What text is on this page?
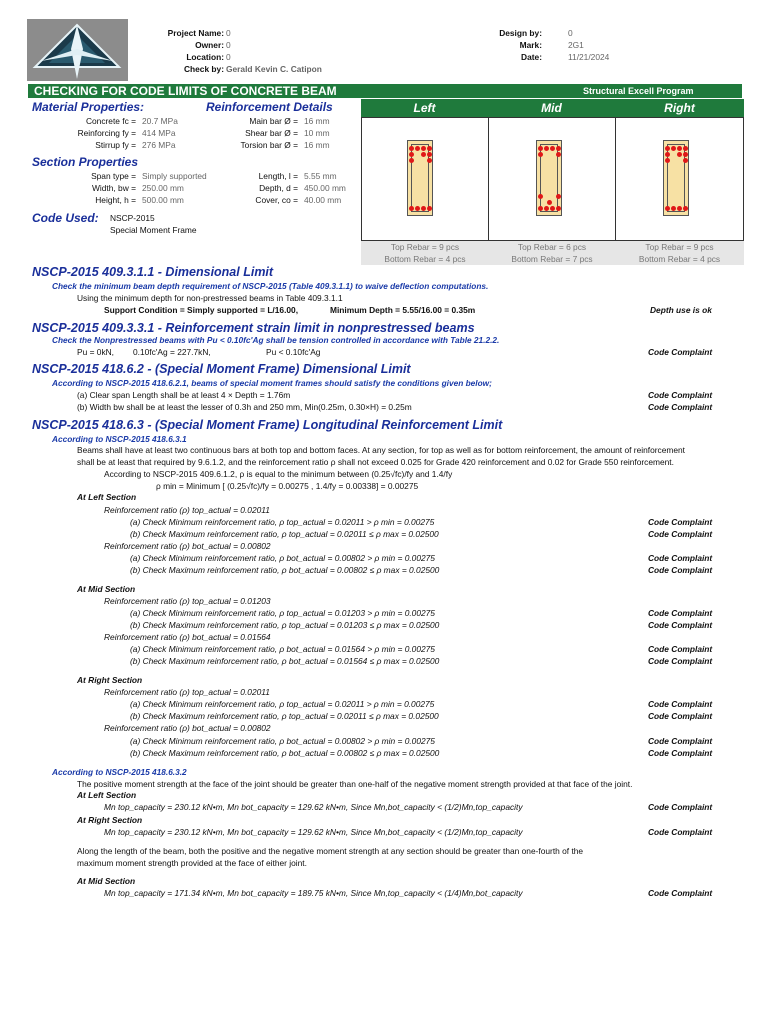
Project Name: 0
Owner: 0
Location: 0
Check by: Gerald Kevin C. Catipon
Design by:	0
Mark:	2G1
Date:	11/21/2024
CHECKING FOR CODE LIMITS OF CONCRETE BEAM	Structural Excell Program
Material Properties:	Reinforcement Details
Concrete fc = 20.7 MPa
Reinforcing fy = 414 MPa
Stirrup fy = 276 MPa
Main bar Ø = 16 mm
Shear bar Ø = 10 mm
Torsion bar Ø = 16 mm
Section Properties
Span type = Simply supported
Width, bw = 250.00 mm
Height, h = 500.00 mm
Length, l = 5.55 mm
Depth, d = 450.00 mm
Cover, co = 40.00 mm
Code Used: NSCP-2015
Special Moment Frame
Left	Mid	Right
Top Rebar = 9 pcs	Top Rebar = 6 pcs	Top Rebar = 9 pcs
Bottom Rebar = 4 pcs	Bottom Rebar = 7 pcs	Bottom Rebar = 4 pcs
NSCP-2015 409.3.1.1 - Dimensional Limit
Check the minimum beam depth requirement of NSCP-2015 (Table 409.3.1.1) to waive deflection computations.
Using the minimum depth for non-prestressed beams in Table 409.3.1.1
Support Condition = Simply supported = L/16.00,	Minimum Depth = 5.55/16.00 = 0.35m	Depth use is ok
NSCP-2015 409.3.3.1 - Reinforcement strain limit in nonprestressed beams
Check the Nonprestressed beams with Pu < 0.10fc'Ag shall be tension controlled in accordance with Table 21.2.2.
Pu = 0kN, 0.10fc'Ag = 227.7kN,	Pu < 0.10fc'Ag	Code Complaint
NSCP-2015 418.6.2 - (Special Moment Frame) Dimensional Limit
According to NSCP-2015 418.6.2.1, beams of special moment frames should satisfy the conditions given below;
(a) Clear span Length shall be at least 4 × Depth = 1.76m	Code Complaint
(b) Width bw shall be at least the lesser of 0.3h and 250 mm, Min(0.25m, 0.30×H) = 0.25m	Code Complaint
NSCP-2015 418.6.3 - (Special Moment Frame) Longitudinal Reinforcement Limit
According to NSCP-2015 418.6.3.1
Beams shall have at least two continuous bars at both top and bottom faces. At any section, for top as well as for bottom reinforcement, the amount of reinforcement
shall be at least that required by 9.6.1.2, and the reinforcement ratio ρ shall not exceed 0.025 for Grade 420 reinforcement and 0.02 for Grade 550 reinforcement.
According to NSCP-2015 409.6.1.2, ρ is equal to the minimum between (0.25√fc)/fy and 1.4/fy
ρ min = Minimum [ (0.25√fc)/fy = 0.00275 , 1.4/fy = 0.00338] = 0.00275
At Left Section
Reinforcement ratio (ρ) top_actual = 0.02011
(a) Check Minimum reinforcement ratio, ρ top_actual = 0.02011 > ρ min = 0.00275	Code Complaint
(b) Check Maximum reinforcement ratio, ρ top_actual = 0.02011 ≤ ρ max = 0.02500	Code Complaint
Reinforcement ratio (ρ) bot_actual = 0.00802
(a) Check Minimum reinforcement ratio, ρ bot_actual = 0.00802 > ρ min = 0.00275	Code Complaint
(b) Check Maximum reinforcement ratio, ρ bot_actual = 0.00802 ≤ ρ max = 0.02500	Code Complaint
At Mid Section
Reinforcement ratio (ρ) top_actual = 0.01203
(a) Check Minimum reinforcement ratio, ρ top_actual = 0.01203 > ρ min = 0.00275	Code Complaint
(b) Check Maximum reinforcement ratio, ρ top_actual = 0.01203 ≤ ρ max = 0.02500	Code Complaint
Reinforcement ratio (ρ) bot_actual = 0.01564
(a) Check Minimum reinforcement ratio, ρ bot_actual = 0.01564 > ρ min = 0.00275	Code Complaint
(b) Check Maximum reinforcement ratio, ρ bot_actual = 0.01564 ≤ ρ max = 0.02500	Code Complaint
At Right Section
Reinforcement ratio (ρ) top_actual = 0.02011
(a) Check Minimum reinforcement ratio, ρ top_actual = 0.02011 > ρ min = 0.00275	Code Complaint
(b) Check Maximum reinforcement ratio, ρ top_actual = 0.02011 ≤ ρ max = 0.02500	Code Complaint
Reinforcement ratio (ρ) bot_actual = 0.00802
(a) Check Minimum reinforcement ratio, ρ bot_actual = 0.00802 > ρ min = 0.00275	Code Complaint
(b) Check Maximum reinforcement ratio, ρ bot_actual = 0.00802 ≤ ρ max = 0.02500	Code Complaint
According to NSCP-2015 418.6.3.2
The positive moment strength at the face of the joint should be greater than one-half of the negative moment strength provided at that face of the joint.
At Left Section
Mn top_capacity = 230.12 kN•m, Mn bot_capacity = 129.62 kN•m, Since Mn,bot_capacity < (1/2)Mn,top_capacity	Code Complaint
At Right Section
Mn top_capacity = 230.12 kN•m, Mn bot_capacity = 129.62 kN•m, Since Mn,bot_capacity < (1/2)Mn,top_capacity	Code Complaint
Along the length of the beam, both the positive and the negative moment strength at any section should be greater than one-fourth of the
maximum moment strength provided at the face of either joint.
At Mid Section
Mn top_capacity = 171.34 kN•m, Mn bot_capacity = 189.75 kN•m, Since Mn,top_capacity < (1/4)Mn,bot_capacity	Code Complaint
